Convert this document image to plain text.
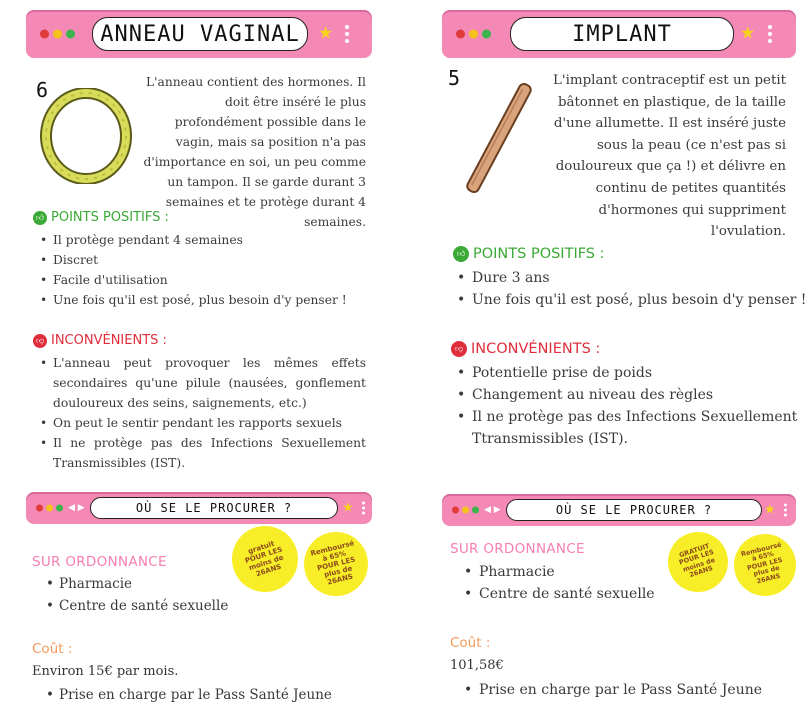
ANNEAU VAGINAL	★
6	L'anneau contient des hormones. Il doit être inséré le plus profondément possible dans le vagin, mais sa position n'a pas d'importance en soi, un peu comme un tampon. Il se garde durant 3 semaines et te protège durant 4 semaines.
👍︎ POINTS POSITIFS :
• Il protège pendant 4 semaines
• Discret
• Facile d'utilisation
• Une fois qu'il est posé, plus besoin d'y penser !
👎︎ INCONVÉNIENTS :
• L'anneau peut provoquer les mêmes effets secondaires qu'une pilule (nausées, gonflement douloureux des seins, saignements, etc.)
• On peut le sentir pendant les rapports sexuels
• Il ne protège pas des Infections Sexuellement Transmissibles (IST).
◀ ▶	OÙ SE LE PROCURER ?	★
SUR ORDONNANCE
• Pharmacie
• Centre de santé sexuelle
gratuit POUR LES moins de 26ANS
Remboursé à 65% POUR LES plus de 26ANS
Coût :
Environ 15€ par mois.
• Prise en charge par le Pass Santé Jeune
IMPLANT	★
5	L'implant contraceptif est un petit bâtonnet en plastique, de la taille d'une allumette. Il est inséré juste sous la peau (ce n'est pas si douloureux que ça !) et délivre en continu de petites quantités d'hormones qui suppriment l'ovulation.
👍︎ POINTS POSITIFS :
• Dure 3 ans
• Une fois qu'il est posé, plus besoin d'y penser !
👎︎ INCONVÉNIENTS :
• Potentielle prise de poids
• Changement au niveau des règles
• Il ne protège pas des Infections Sexuellement Ttransmissibles (IST).
◀ ▶	OÙ SE LE PROCURER ?	★
SUR ORDONNANCE
• Pharmacie
• Centre de santé sexuelle
GRATUIT POUR LES moins de 26ANS
Remboursé à 65% POUR LES plus de 26ANS
Coût :
101,58€
• Prise en charge par le Pass Santé Jeune
